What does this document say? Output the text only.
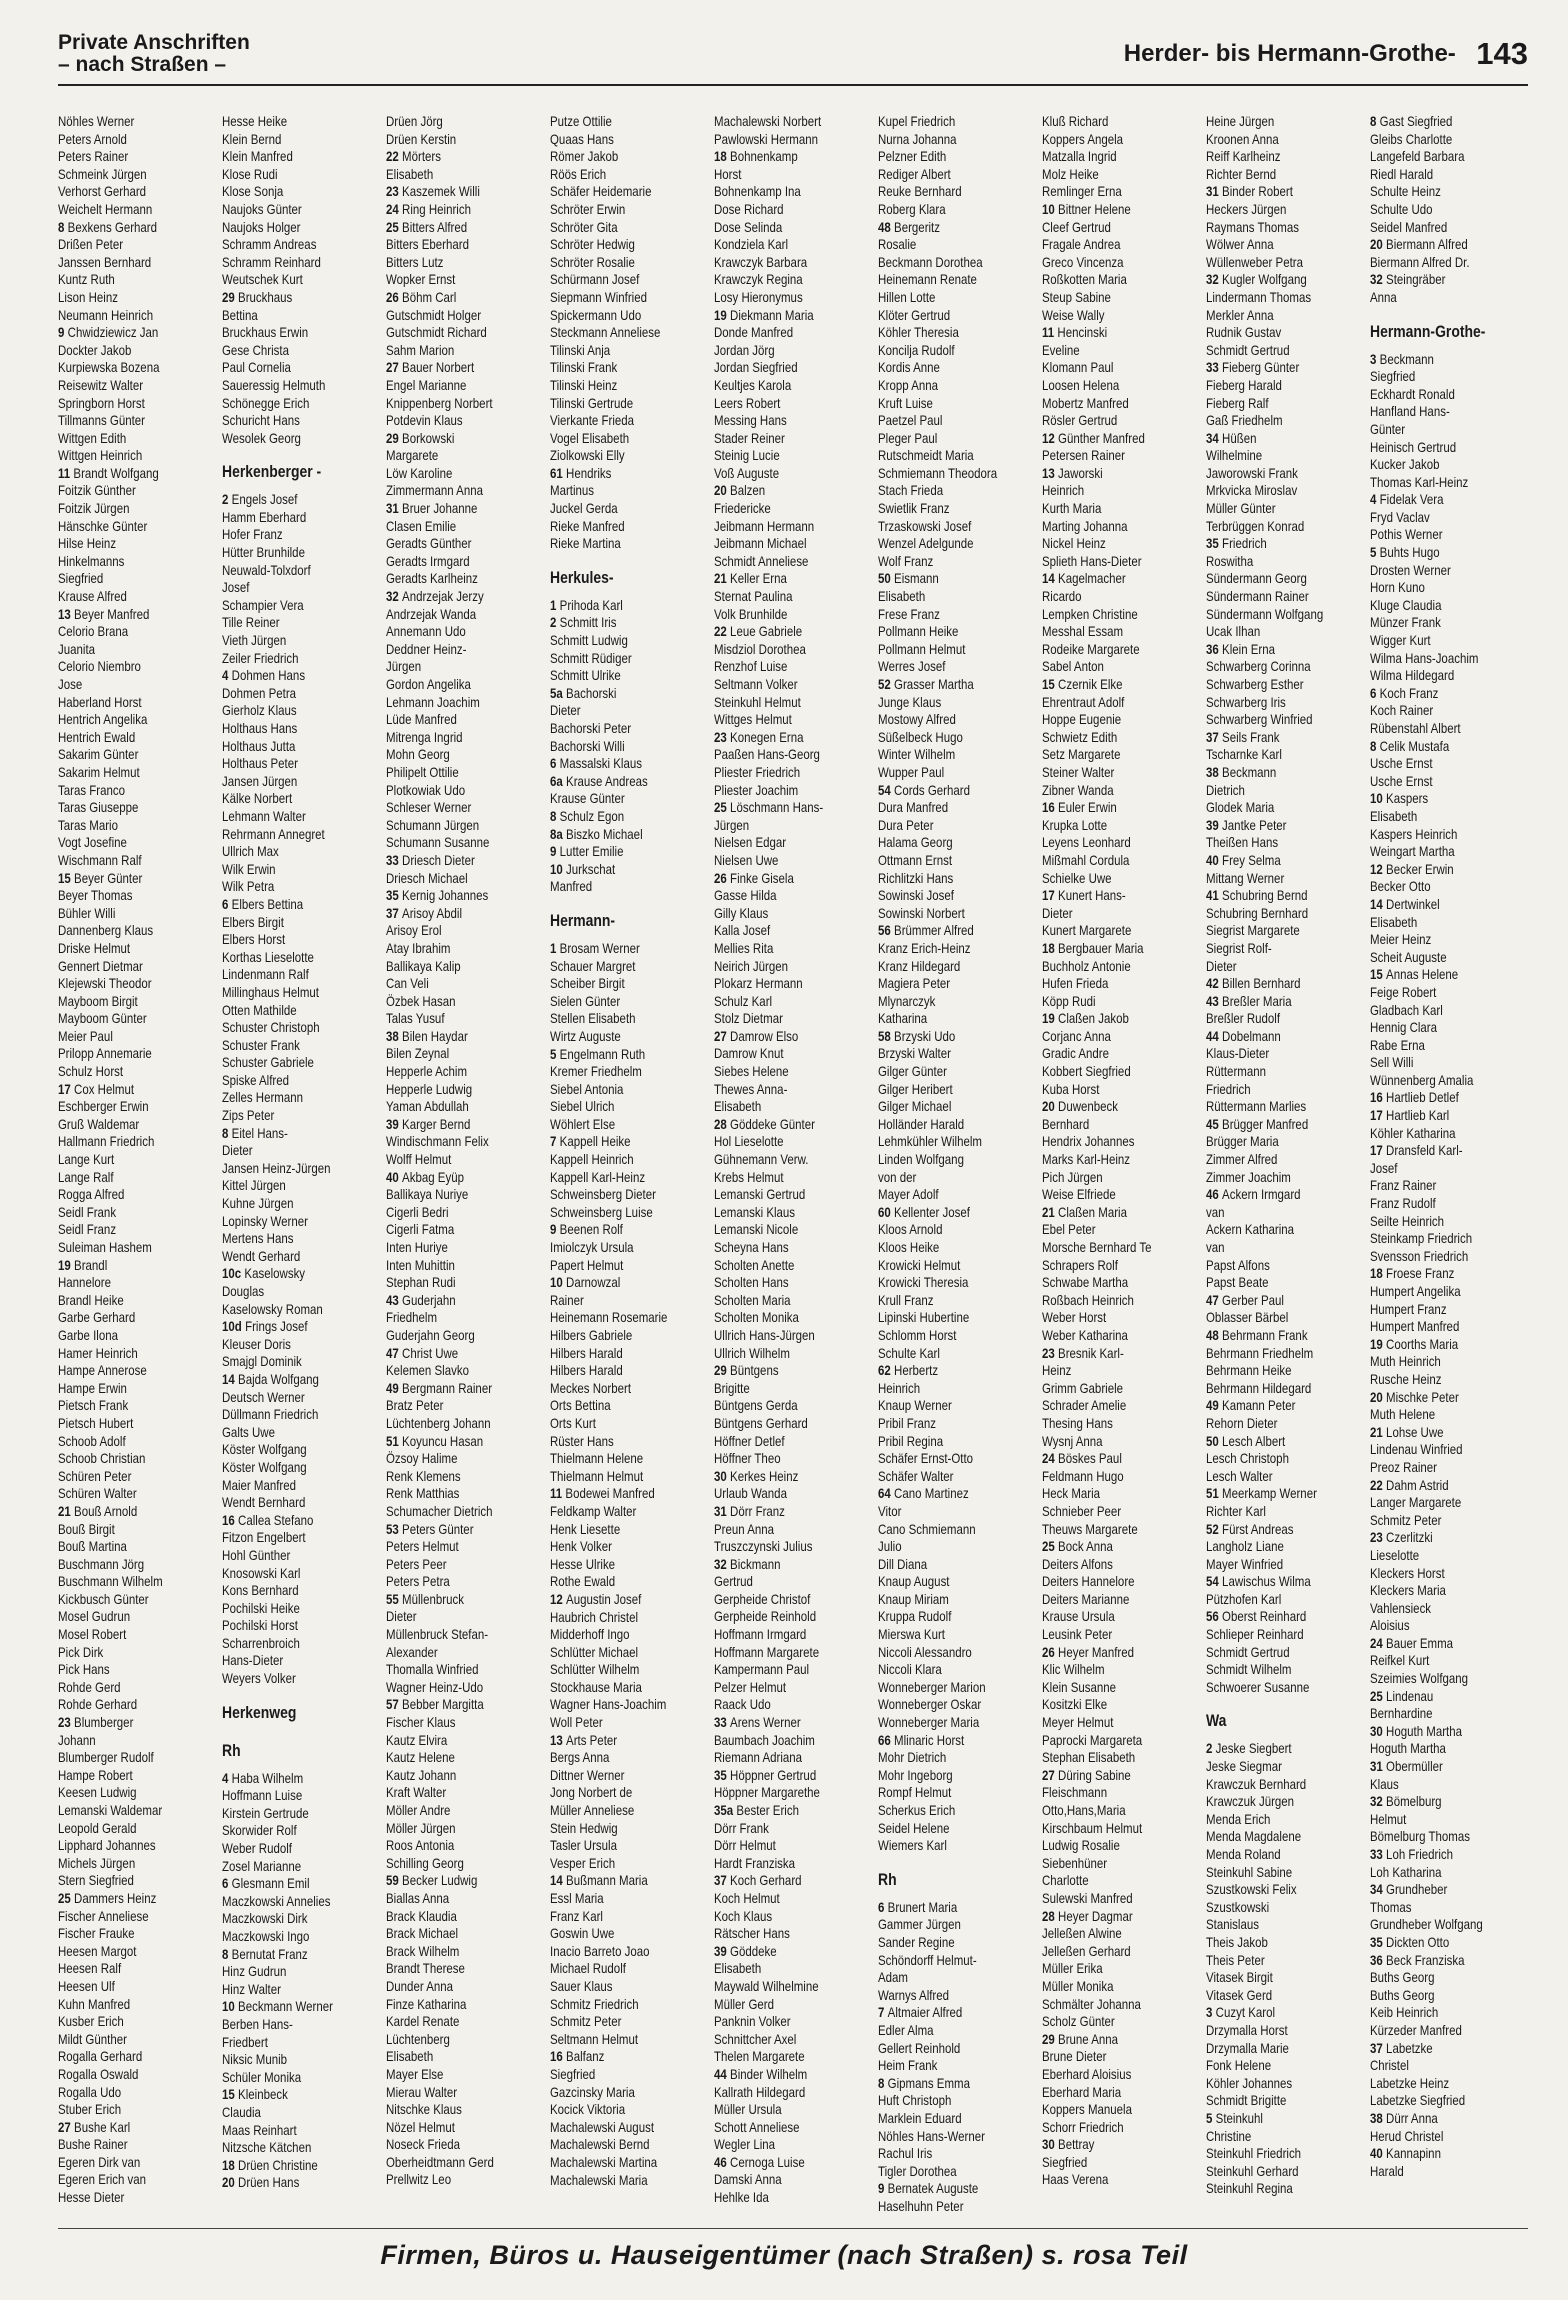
Private Anschriften
– nach Straßen –	Herder- bis Hermann-Grothe- 143
Nöhles Werner
Peters Arnold
Peters Rainer
Schmeink Jürgen
Verhorst Gerhard
Weichelt Hermann
8 Bexkens Gerhard
Drißen Peter
Janssen Bernhard
Kuntz Ruth
Lison Heinz
Neumann Heinrich
9 Chwidziewicz Jan
Dockter Jakob
Kurpiewska Bozena
Reisewitz Walter
Springborn Horst
Tillmanns Günter
Wittgen Edith
Wittgen Heinrich
11 Brandt Wolfgang
Foitzik Günther
Foitzik Jürgen
Hänschke Günter
Hilse Heinz
Hinkelmanns
Siegfried
Krause Alfred
13 Beyer Manfred
Celorio Brana
Juanita
Celorio Niembro
Jose
Haberland Horst
Hentrich Angelika
Hentrich Ewald
Sakarim Günter
Sakarim Helmut
Taras Franco
Taras Giuseppe
Taras Mario
Vogt Josefine
Wischmann Ralf
15 Beyer Günter
Beyer Thomas
Bühler Willi
Dannenberg Klaus
Driske Helmut
Gennert Dietmar
Klejewski Theodor
Mayboom Birgit
Mayboom Günter
Meier Paul
Prilopp Annemarie
Schulz Horst
17 Cox Helmut
Eschberger Erwin
Gruß Waldemar
Hallmann Friedrich
Lange Kurt
Lange Ralf
Rogga Alfred
Seidl Frank
Seidl Franz
Suleiman Hashem
19 Brandl
Hannelore
Brandl Heike
Garbe Gerhard
Garbe Ilona
Hamer Heinrich
Hampe Annerose
Hampe Erwin
Pietsch Frank
Pietsch Hubert
Schoob Adolf
Schoob Christian
Schüren Peter
Schüren Walter
21 Bouß Arnold
Bouß Birgit
Bouß Martina
Buschmann Jörg
Buschmann Wilhelm
Kickbusch Günter
Mosel Gudrun
Mosel Robert
Pick Dirk
Pick Hans
Rohde Gerd
Rohde Gerhard
23 Blumberger
Johann
Blumberger Rudolf
Hampe Robert
Keesen Ludwig
Lemanski Waldemar
Leopold Gerald
Lipphard Johannes
Michels Jürgen
Stern Siegfried
25 Dammers Heinz
Fischer Anneliese
Fischer Frauke
Heesen Margot
Heesen Ralf
Heesen Ulf
Kuhn Manfred
Kusber Erich
Mildt Günther
Rogalla Gerhard
Rogalla Oswald
Rogalla Udo
Stuber Erich
27 Bushe Karl
Bushe Rainer
Egeren Dirk van
Egeren Erich van
Hesse Dieter
Hesse Heike
Klein Bernd
Klein Manfred
Klose Rudi
Klose Sonja
Naujoks Günter
Naujoks Holger
Schramm Andreas
Schramm Reinhard
Weutschek Kurt
29 Bruckhaus
Bettina
Bruckhaus Erwin
Gese Christa
Paul Cornelia
Saueressig Helmuth
Schönegge Erich
Schuricht Hans
Wesolek Georg
Herkenberger -
2 Engels Josef
Hamm Eberhard
Hofer Franz
Hütter Brunhilde
Neuwald-Tolxdorf
Josef
Schampier Vera
Tille Reiner
Vieth Jürgen
Zeiler Friedrich
4 Dohmen Hans
Dohmen Petra
Gierholz Klaus
Holthaus Hans
Holthaus Jutta
Holthaus Peter
Jansen Jürgen
Kälke Norbert
Lehmann Walter
Rehrmann Annegret
Ullrich Max
Wilk Erwin
Wilk Petra
6 Elbers Bettina
Elbers Birgit
Elbers Horst
Korthas Lieselotte
Lindenmann Ralf
Millinghaus Helmut
Otten Mathilde
Schuster Christoph
Schuster Frank
Schuster Gabriele
Spiske Alfred
Zelles Hermann
Zips Peter
8 Eitel Hans-
Dieter
Jansen Heinz-Jürgen
Kittel Jürgen
Kuhne Jürgen
Lopinsky Werner
Mertens Hans
Wendt Gerhard
10c Kaselowsky
Douglas
Kaselowsky Roman
10d Frings Josef
Kleuser Doris
Smajgl Dominik
14 Bajda Wolfgang
Deutsch Werner
Düllmann Friedrich
Galts Uwe
Köster Wolfgang
Köster Wolfgang
Maier Manfred
Wendt Bernhard
16 Callea Stefano
Fitzon Engelbert
Hohl Günther
Knosowski Karl
Kons Bernhard
Pochilski Heike
Pochilski Horst
Scharrenbroich
Hans-Dieter
Weyers Volker
Herkenweg
Rh
4 Haba Wilhelm
Hoffmann Luise
Kirstein Gertrude
Skorwider Rolf
Weber Rudolf
Zosel Marianne
6 Glesmann Emil
Maczkowski Annelies
Maczkowski Dirk
Maczkowski Ingo
8 Bernutat Franz
Hinz Gudrun
Hinz Walter
10 Beckmann Werner
Berben Hans-
Friedbert
Niksic Munib
Schüler Monika
15 Kleinbeck
Claudia
Maas Reinhart
Nitzsche Kätchen
18 Drüen Christine
20 Drüen Hans
Drüen Jörg
Drüen Kerstin
22 Mörters
Elisabeth
23 Kaszemek Willi
24 Ring Heinrich
25 Bitters Alfred
Bitters Eberhard
Bitters Lutz
Wopker Ernst
26 Böhm Carl
Gutschmidt Holger
Gutschmidt Richard
Sahm Marion
27 Bauer Norbert
Engel Marianne
Knippenberg Norbert
Potdevin Klaus
29 Borkowski
Margarete
Löw Karoline
Zimmermann Anna
31 Bruer Johanne
Clasen Emilie
Geradts Günther
Geradts Irmgard
Geradts Karlheinz
32 Andrzejak Jerzy
Andrzejak Wanda
Annemann Udo
Deddner Heinz-
Jürgen
Gordon Angelika
Lehmann Joachim
Lüde Manfred
Mitrenga Ingrid
Mohn Georg
Philipelt Ottilie
Plotkowiak Udo
Schleser Werner
Schumann Jürgen
Schumann Susanne
33 Driesch Dieter
Driesch Michael
35 Kernig Johannes
37 Arisoy Abdil
Arisoy Erol
Atay Ibrahim
Ballikaya Kalip
Can Veli
Özbek Hasan
Talas Yusuf
38 Bilen Haydar
Bilen Zeynal
Hepperle Achim
Hepperle Ludwig
Yaman Abdullah
39 Karger Bernd
Windischmann Felix
Wolff Helmut
40 Akbag Eyüp
Ballikaya Nuriye
Cigerli Bedri
Cigerli Fatma
Inten Huriye
Inten Muhittin
Stephan Rudi
43 Guderjahn
Friedhelm
Guderjahn Georg
47 Christ Uwe
Kelemen Slavko
49 Bergmann Rainer
Bratz Peter
Lüchtenberg Johann
51 Koyuncu Hasan
Özsoy Halime
Renk Klemens
Renk Matthias
Schumacher Dietrich
53 Peters Günter
Peters Helmut
Peters Peer
Peters Petra
55 Müllenbruck
Dieter
Müllenbruck Stefan-
Alexander
Thomalla Winfried
Wagner Heinz-Udo
57 Bebber Margitta
Fischer Klaus
Kautz Elvira
Kautz Helene
Kautz Johann
Kraft Walter
Möller Andre
Möller Jürgen
Roos Antonia
Schilling Georg
59 Becker Ludwig
Biallas Anna
Brack Klaudia
Brack Michael
Brack Wilhelm
Brandt Therese
Dunder Anna
Finze Katharina
Kardel Renate
Lüchtenberg
Elisabeth
Mayer Else
Mierau Walter
Nitschke Klaus
Nözel Helmut
Noseck Frieda
Oberheidtmann Gerd
Prellwitz Leo
Putze Ottilie
Quaas Hans
Römer Jakob
Röös Erich
Schäfer Heidemarie
Schröter Erwin
Schröter Gita
Schröter Hedwig
Schröter Rosalie
Schürmann Josef
Siepmann Winfried
Spickermann Udo
Steckmann Anneliese
Tilinski Anja
Tilinski Frank
Tilinski Heinz
Tilinski Gertrude
Vierkante Frieda
Vogel Elisabeth
Ziolkowski Elly
61 Hendriks
Martinus
Juckel Gerda
Rieke Manfred
Rieke Martina
Herkules-
1 Prihoda Karl
2 Schmitt Iris
Schmitt Ludwig
Schmitt Rüdiger
Schmitt Ulrike
5a Bachorski
Dieter
Bachorski Peter
Bachorski Willi
6 Massalski Klaus
6a Krause Andreas
Krause Günter
8 Schulz Egon
8a Biszko Michael
9 Lutter Emilie
10 Jurkschat
Manfred
Hermann-
1 Brosam Werner
Schauer Margret
Scheiber Birgit
Sielen Günter
Stellen Elisabeth
Wirtz Auguste
5 Engelmann Ruth
Kremer Friedhelm
Siebel Antonia
Siebel Ulrich
Wöhlert Else
7 Kappell Heike
Kappell Heinrich
Kappell Karl-Heinz
Schweinsberg Dieter
Schweinsberg Luise
9 Beenen Rolf
Imiolczyk Ursula
Papert Helmut
10 Darnowzal
Rainer
Heinemann Rosemarie
Hilbers Gabriele
Hilbers Harald
Hilbers Harald
Meckes Norbert
Orts Bettina
Orts Kurt
Rüster Hans
Thielmann Helene
Thielmann Helmut
11 Bodewei Manfred
Feldkamp Walter
Henk Liesette
Henk Volker
Hesse Ulrike
Rothe Ewald
12 Augustin Josef
Haubrich Christel
Midderhoff Ingo
Schlütter Michael
Schlütter Wilhelm
Stockhause Maria
Wagner Hans-Joachim
Woll Peter
13 Arts Peter
Bergs Anna
Dittner Werner
Jong Norbert de
Müller Anneliese
Stein Hedwig
Tasler Ursula
Vesper Erich
14 Bußmann Maria
Essl Maria
Franz Karl
Goswin Uwe
Inacio Barreto Joao
Michael Rudolf
Sauer Klaus
Schmitz Friedrich
Schmitz Peter
Seltmann Helmut
16 Balfanz
Siegfried
Gazcinsky Maria
Kocick Viktoria
Machalewski August
Machalewski Bernd
Machalewski Martina
Machalewski Maria
Machalewski Norbert
Pawlowski Hermann
18 Bohnenkamp
Horst
Bohnenkamp Ina
Dose Richard
Dose Selinda
Kondziela Karl
Krawczyk Barbara
Krawczyk Regina
Losy Hieronymus
19 Diekmann Maria
Donde Manfred
Jordan Jörg
Jordan Siegfried
Keultjes Karola
Leers Robert
Messing Hans
Stader Reiner
Steinig Lucie
Voß Auguste
20 Balzen
Friedericke
Jeibmann Hermann
Jeibmann Michael
Schmidt Anneliese
21 Keller Erna
Sternat Paulina
Volk Brunhilde
22 Leue Gabriele
Misdziol Dorothea
Renzhof Luise
Seltmann Volker
Steinkuhl Helmut
Wittges Helmut
23 Konegen Erna
Paaßen Hans-Georg
Pliester Friedrich
Pliester Joachim
25 Löschmann Hans-
Jürgen
Nielsen Edgar
Nielsen Uwe
26 Finke Gisela
Gasse Hilda
Gilly Klaus
Kalla Josef
Mellies Rita
Neirich Jürgen
Plokarz Hermann
Schulz Karl
Stolz Dietmar
27 Damrow Elso
Damrow Knut
Siebes Helene
Thewes Anna-
Elisabeth
28 Göddeke Günter
Hol Lieselotte
Gühnemann Verw.
Krebs Helmut
Lemanski Gertrud
Lemanski Klaus
Lemanski Nicole
Scheyna Hans
Scholten Anette
Scholten Hans
Scholten Maria
Scholten Monika
Ullrich Hans-Jürgen
Ullrich Wilhelm
29 Büntgens
Brigitte
Büntgens Gerda
Büntgens Gerhard
Höffner Detlef
Höffner Theo
30 Kerkes Heinz
Urlaub Wanda
31 Dörr Franz
Preun Anna
Truszczynski Julius
32 Bickmann
Gertrud
Gerpheide Christof
Gerpheide Reinhold
Hoffmann Irmgard
Hoffmann Margarete
Kampermann Paul
Pelzer Helmut
Raack Udo
33 Arens Werner
Baumbach Joachim
Riemann Adriana
35 Höppner Gertrud
Höppner Margarethe
35a Bester Erich
Dörr Frank
Dörr Helmut
Hardt Franziska
37 Koch Gerhard
Koch Helmut
Koch Klaus
Rätscher Hans
39 Göddeke
Elisabeth
Maywald Wilhelmine
Müller Gerd
Panknin Volker
Schnittcher Axel
Thelen Margarete
44 Binder Wilhelm
Kallrath Hildegard
Müller Ursula
Schott Anneliese
Wegler Lina
46 Cernoga Luise
Damski Anna
Hehlke Ida
Kupel Friedrich
Nurna Johanna
Pelzner Edith
Rediger Albert
Reuke Bernhard
Roberg Klara
48 Bergeritz
Rosalie
Beckmann Dorothea
Heinemann Renate
Hillen Lotte
Klöter Gertrud
Köhler Theresia
Koncilja Rudolf
Kordis Anne
Kropp Anna
Kruft Luise
Paetzel Paul
Pleger Paul
Rutschmeidt Maria
Schmiemann Theodora
Stach Frieda
Swietlik Franz
Trzaskowski Josef
Wenzel Adelgunde
Wolf Franz
50 Eismann
Elisabeth
Frese Franz
Pollmann Heike
Pollmann Helmut
Werres Josef
52 Grasser Martha
Junge Klaus
Mostowy Alfred
Süßelbeck Hugo
Winter Wilhelm
Wupper Paul
54 Cords Gerhard
Dura Manfred
Dura Peter
Halama Georg
Ottmann Ernst
Richlitzki Hans
Sowinski Josef
Sowinski Norbert
56 Brümmer Alfred
Kranz Erich-Heinz
Kranz Hildegard
Magiera Peter
Mlynarczyk
Katharina
58 Brzyski Udo
Brzyski Walter
Gilger Günter
Gilger Heribert
Gilger Michael
Holländer Harald
Lehmkühler Wilhelm
Linden Wolfgang
von der
Mayer Adolf
60 Kellenter Josef
Kloos Arnold
Kloos Heike
Krowicki Helmut
Krowicki Theresia
Krull Franz
Lipinski Hubertine
Schlomm Horst
Schulte Karl
62 Herbertz
Heinrich
Knaup Werner
Pribil Franz
Pribil Regina
Schäfer Ernst-Otto
Schäfer Walter
64 Cano Martinez
Vitor
Cano Schmiemann
Julio
Dill Diana
Knaup August
Knaup Miriam
Kruppa Rudolf
Mierswa Kurt
Niccoli Alessandro
Niccoli Klara
Wonneberger Marion
Wonneberger Oskar
Wonneberger Maria
66 Mlinaric Horst
Mohr Dietrich
Mohr Ingeborg
Rompf Helmut
Scherkus Erich
Seidel Helene
Wiemers Karl
Rh
6 Brunert Maria
Gammer Jürgen
Sander Regine
Schöndorff Helmut-
Adam
Warnys Alfred
7 Altmaier Alfred
Edler Alma
Gellert Reinhold
Heim Frank
8 Gipmans Emma
Huft Christoph
Marklein Eduard
Nöhles Hans-Werner
Rachul Iris
Tigler Dorothea
9 Bernatek Auguste
Haselhuhn Peter
Kluß Richard
Koppers Angela
Matzalla Ingrid
Molz Heike
Remlinger Erna
10 Bittner Helene
Cleef Gertrud
Fragale Andrea
Greco Vincenza
Roßkotten Maria
Steup Sabine
Weise Wally
11 Hencinski
Eveline
Klomann Paul
Loosen Helena
Mobertz Manfred
Rösler Gertrud
12 Günther Manfred
Petersen Rainer
13 Jaworski
Heinrich
Kurth Maria
Marting Johanna
Nickel Heinz
Splieth Hans-Dieter
14 Kagelmacher
Ricardo
Lempken Christine
Messhal Essam
Rodeike Margarete
Sabel Anton
15 Czernik Elke
Ehrentraut Adolf
Hoppe Eugenie
Schwietz Edith
Setz Margarete
Steiner Walter
Zibner Wanda
16 Euler Erwin
Krupka Lotte
Leyens Leonhard
Mißmahl Cordula
Schielke Uwe
17 Kunert Hans-
Dieter
Kunert Margarete
18 Bergbauer Maria
Buchholz Antonie
Hufen Frieda
Köpp Rudi
19 Claßen Jakob
Corjanc Anna
Gradic Andre
Kobbert Siegfried
Kuba Horst
20 Duwenbeck
Bernhard
Hendrix Johannes
Marks Karl-Heinz
Pich Jürgen
Weise Elfriede
21 Claßen Maria
Ebel Peter
Morsche Bernhard Te
Schrapers Rolf
Schwabe Martha
Roßbach Heinrich
Weber Horst
Weber Katharina
23 Bresnik Karl-
Heinz
Grimm Gabriele
Schrader Amelie
Thesing Hans
Wysnj Anna
24 Böskes Paul
Feldmann Hugo
Heck Maria
Schnieber Peer
Theuws Margarete
25 Bock Anna
Deiters Alfons
Deiters Hannelore
Deiters Marianne
Krause Ursula
Leusink Peter
26 Heyer Manfred
Klic Wilhelm
Klein Susanne
Kositzki Elke
Meyer Helmut
Paprocki Margareta
Stephan Elisabeth
27 Düring Sabine
Fleischmann
Otto,Hans,Maria
Kirschbaum Helmut
Ludwig Rosalie
Siebenhüner
Charlotte
Sulewski Manfred
28 Heyer Dagmar
Jelleßen Alwine
Jelleßen Gerhard
Müller Erika
Müller Monika
Schmälter Johanna
Scholz Günter
29 Brune Anna
Brune Dieter
Eberhard Aloisius
Eberhard Maria
Koppers Manuela
Schorr Friedrich
30 Bettray
Siegfried
Haas Verena
Heine Jürgen
Kroonen Anna
Reiff Karlheinz
Richter Bernd
31 Binder Robert
Heckers Jürgen
Raymans Thomas
Wölwer Anna
Wüllenweber Petra
32 Kugler Wolfgang
Lindermann Thomas
Merkler Anna
Rudnik Gustav
Schmidt Gertrud
33 Fieberg Günter
Fieberg Harald
Fieberg Ralf
Gaß Friedhelm
34 Hüßen
Wilhelmine
Jaworowski Frank
Mrkvicka Miroslav
Müller Günter
Terbrüggen Konrad
35 Friedrich
Roswitha
Sündermann Georg
Sündermann Rainer
Sündermann Wolfgang
Ucak Ilhan
36 Klein Erna
Schwarberg Corinna
Schwarberg Esther
Schwarberg Iris
Schwarberg Winfried
37 Seils Frank
Tscharnke Karl
38 Beckmann
Dietrich
Glodek Maria
39 Jantke Peter
Theißen Hans
40 Frey Selma
Mittang Werner
41 Schubring Bernd
Schubring Bernhard
Siegrist Margarete
Siegrist Rolf-
Dieter
42 Billen Bernhard
43 Breßler Maria
Breßler Rudolf
44 Dobelmann
Klaus-Dieter
Rüttermann
Friedrich
Rüttermann Marlies
45 Brügger Manfred
Brügger Maria
Zimmer Alfred
Zimmer Joachim
46 Ackern Irmgard
van
Ackern Katharina
van
Papst Alfons
Papst Beate
47 Gerber Paul
Oblasser Bärbel
48 Behrmann Frank
Behrmann Friedhelm
Behrmann Heike
Behrmann Hildegard
49 Kamann Peter
Rehorn Dieter
50 Lesch Albert
Lesch Christoph
Lesch Walter
51 Meerkamp Werner
Richter Karl
52 Fürst Andreas
Langholz Liane
Mayer Winfried
54 Lawischus Wilma
Pützhofen Karl
56 Oberst Reinhard
Schlieper Reinhard
Schmidt Gertrud
Schmidt Wilhelm
Schwoerer Susanne
Wa
2 Jeske Siegbert
Jeske Siegmar
Krawczuk Bernhard
Krawczuk Jürgen
Menda Erich
Menda Magdalene
Menda Roland
Steinkuhl Sabine
Szustkowski Felix
Szustkowski
Stanislaus
Theis Jakob
Theis Peter
Vitasek Birgit
Vitasek Gerd
3 Cuzyt Karol
Drzymalla Horst
Drzymalla Marie
Fonk Helene
Köhler Johannes
Schmidt Brigitte
5 Steinkuhl
Christine
Steinkuhl Friedrich
Steinkuhl Gerhard
Steinkuhl Regina
8 Gast Siegfried
Gleibs Charlotte
Langefeld Barbara
Riedl Harald
Schulte Heinz
Schulte Udo
Seidel Manfred
20 Biermann Alfred
Biermann Alfred Dr.
32 Steingräber
Anna
Hermann-Grothe-
3 Beckmann
Siegfried
Eckhardt Ronald
Hanfland Hans-
Günter
Heinisch Gertrud
Kucker Jakob
Thomas Karl-Heinz
4 Fidelak Vera
Fryd Vaclav
Pothis Werner
5 Buhts Hugo
Drosten Werner
Horn Kuno
Kluge Claudia
Münzer Frank
Wigger Kurt
Wilma Hans-Joachim
Wilma Hildegard
6 Koch Franz
Koch Rainer
Rübenstahl Albert
8 Celik Mustafa
Usche Ernst
Usche Ernst
10 Kaspers
Elisabeth
Kaspers Heinrich
Weingart Martha
12 Becker Erwin
Becker Otto
14 Dertwinkel
Elisabeth
Meier Heinz
Scheit Auguste
15 Annas Helene
Feige Robert
Gladbach Karl
Hennig Clara
Rabe Erna
Sell Willi
Wünnenberg Amalia
16 Hartlieb Detlef
17 Hartlieb Karl
Köhler Katharina
17 Dransfeld Karl-
Josef
Franz Rainer
Franz Rudolf
Seilte Heinrich
Steinkamp Friedrich
Svensson Friedrich
18 Froese Franz
Humpert Angelika
Humpert Franz
Humpert Manfred
19 Coorths Maria
Muth Heinrich
Rusche Heinz
20 Mischke Peter
Muth Helene
21 Lohse Uwe
Lindenau Winfried
Preoz Rainer
22 Dahm Astrid
Langer Margarete
Schmitz Peter
23 Czerlitzki
Lieselotte
Kleckers Horst
Kleckers Maria
Vahlensieck
Aloisius
24 Bauer Emma
Reifkel Kurt
Szeimies Wolfgang
25 Lindenau
Bernhardine
30 Hoguth Martha
Hoguth Martha
31 Obermüller
Klaus
32 Bömelburg
Helmut
Bömelburg Thomas
33 Loh Friedrich
Loh Katharina
34 Grundheber
Thomas
Grundheber Wolfgang
35 Dickten Otto
36 Beck Franziska
Buths Georg
Buths Georg
Keib Heinrich
Kürzeder Manfred
37 Labetzke
Christel
Labetzke Heinz
Labetzke Siegfried
38 Dürr Anna
Herud Christel
40 Kannapinn
Harald
Firmen, Büros u. Hauseigentümer (nach Straßen) s. rosa Teil
